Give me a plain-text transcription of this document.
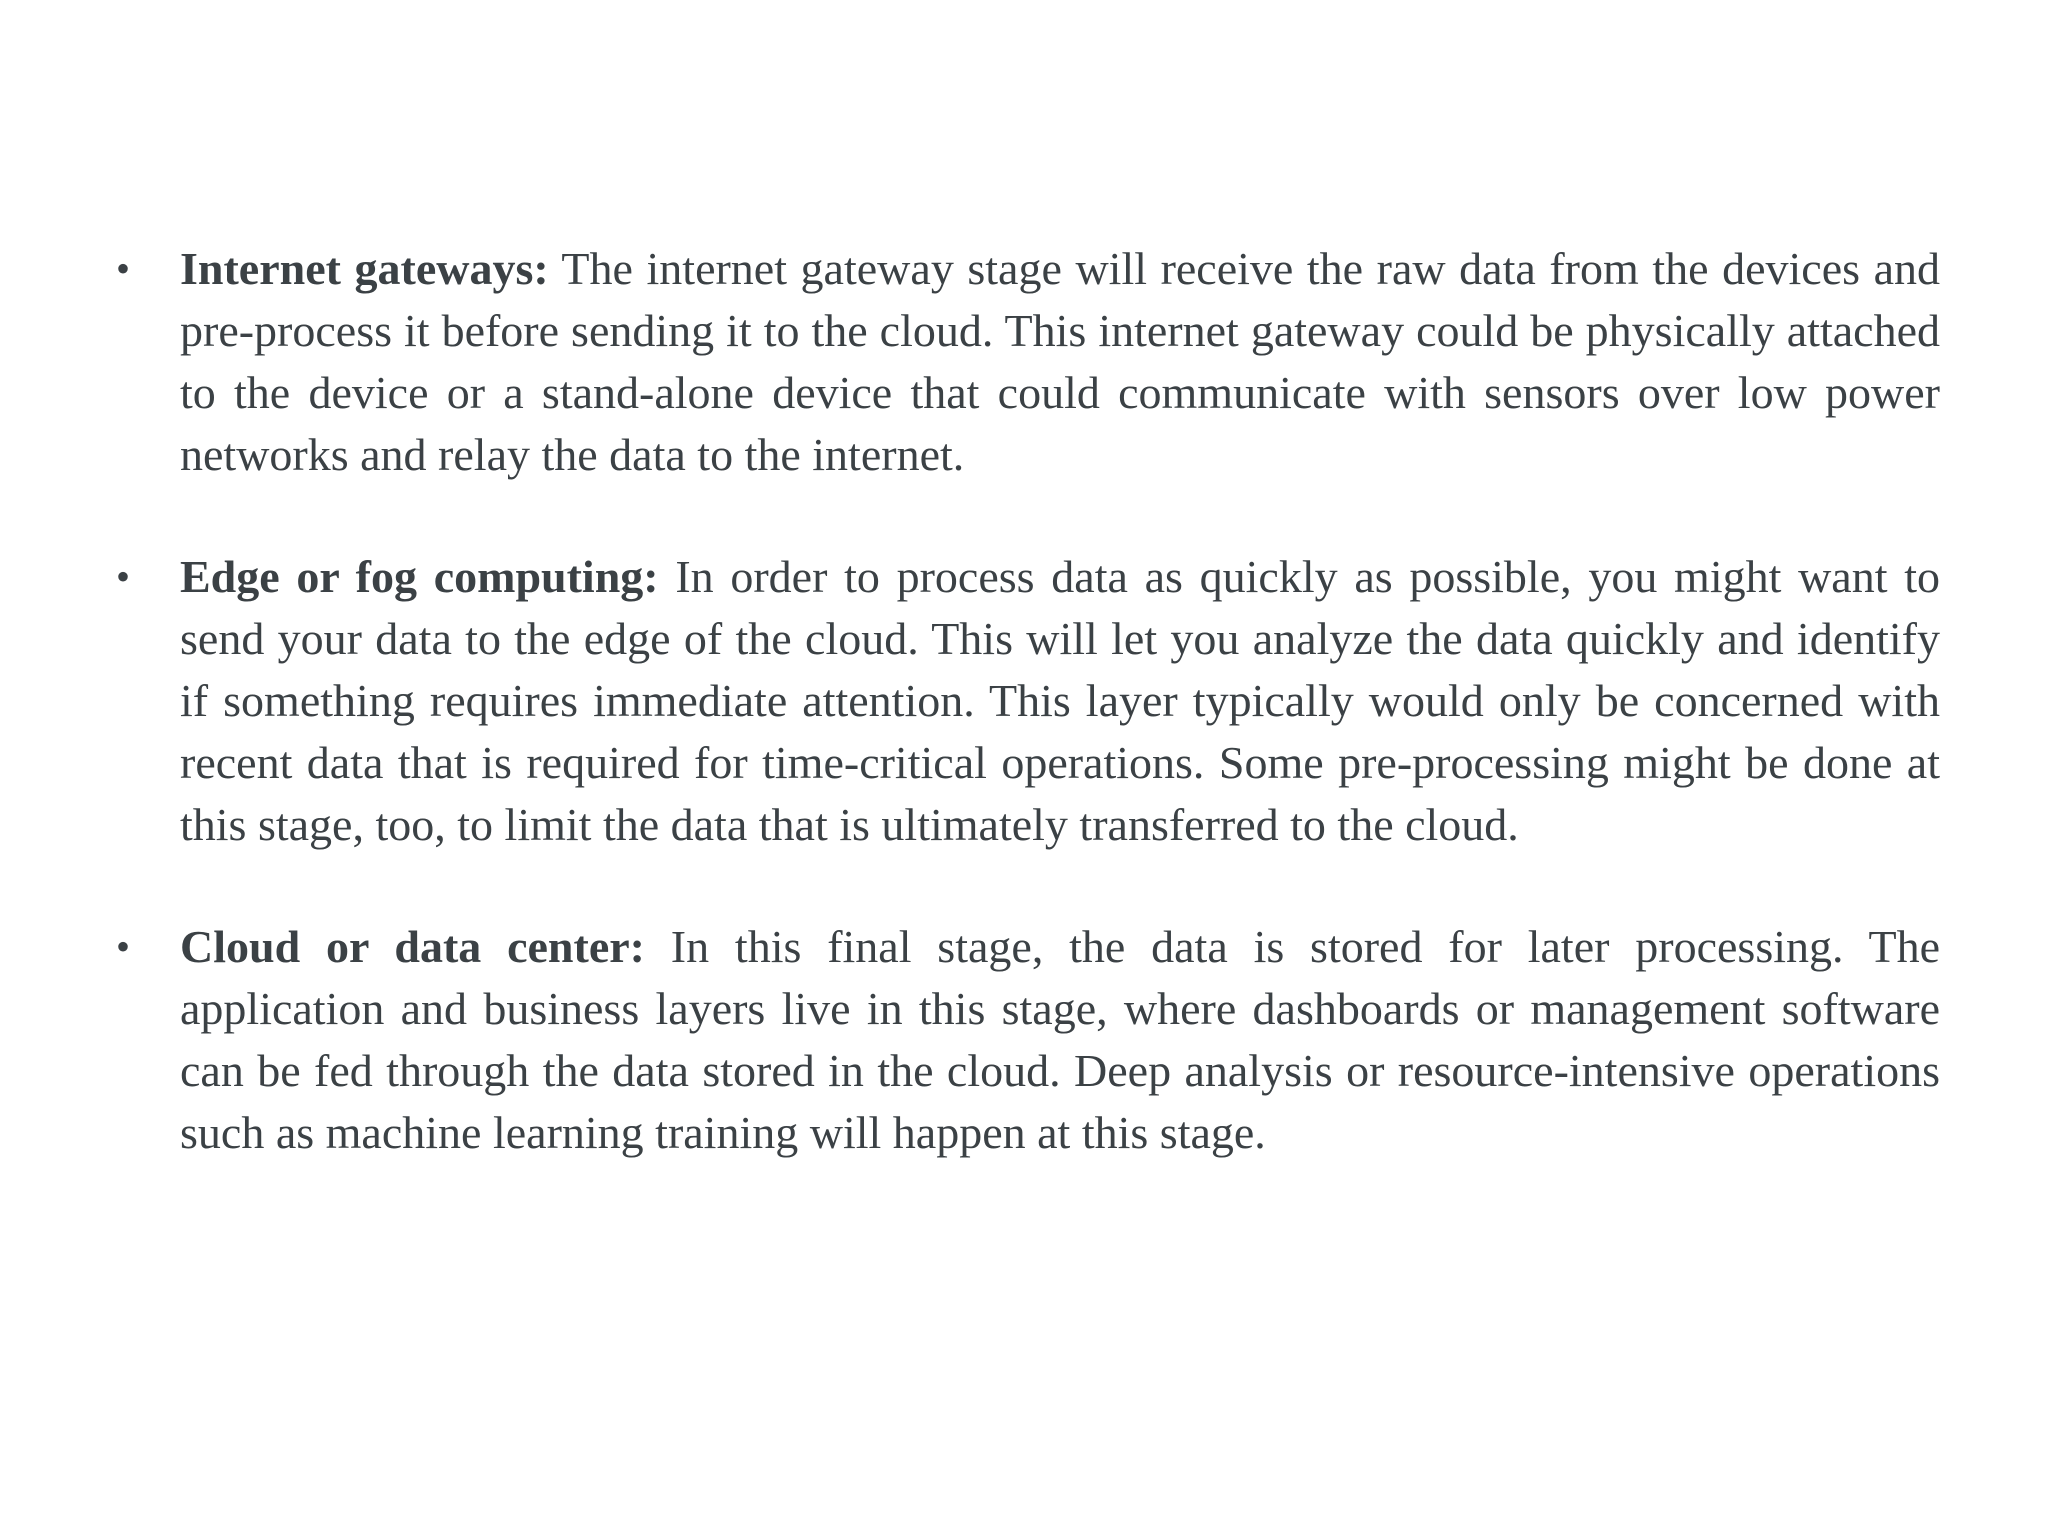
• Internet gateways: The internet gateway stage will receive the raw data from the devices and pre-process it before sending it to the cloud. This internet gateway could be physically attached to the device or a stand-alone device that could communicate with sensors over low power networks and relay the data to the internet.
• Edge or fog computing: In order to process data as quickly as possible, you might want to send your data to the edge of the cloud. This will let you analyze the data quickly and identify if something requires immediate attention. This layer typically would only be concerned with recent data that is required for time-critical operations. Some pre-processing might be done at this stage, too, to limit the data that is ultimately transferred to the cloud.
• Cloud or data center: In this final stage, the data is stored for later processing. The application and business layers live in this stage, where dashboards or management software can be fed through the data stored in the cloud. Deep analysis or resource-intensive operations such as machine learning training will happen at this stage.
